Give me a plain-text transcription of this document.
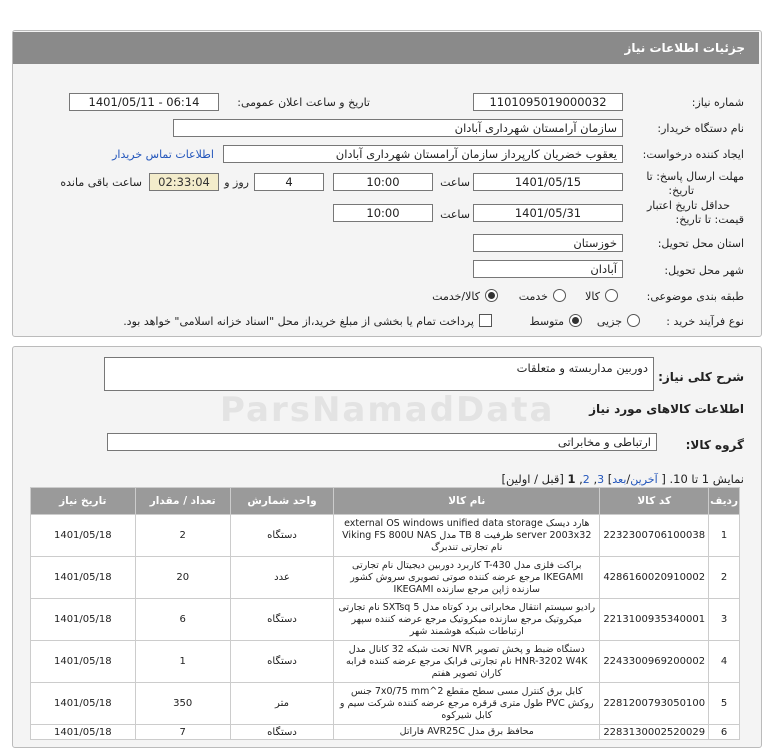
جزئیات اطلاعات نیاز
شماره نیاز:
1101095019000032
تاریخ و ساعت اعلان عمومی:
1401/05/11 - 06:14
نام دستگاه خریدار:
سازمان آرامستان شهرداری آبادان
ایجاد کننده درخواست:
یعقوب خضریان کارپرداز سازمان آرامستان شهرداری آبادان
اطلاعات تماس خریدار
مهلت ارسال پاسخ: تا
تاریخ:
1401/05/15
ساعت
10:00
4
روز و
02:33:04
ساعت باقی مانده
حداقل تاریخ اعتبار
قیمت: تا تاریخ:
1401/05/31
ساعت
10:00
استان محل تحویل:
خوزستان
شهر محل تحویل:
آبادان
طبقه بندی موضوعی:
کالا
خدمت
کالا/خدمت
نوع فرآیند خرید :
جزیی
متوسط
پرداخت تمام یا بخشی از مبلغ خرید،از محل "اسناد خزانه اسلامی" خواهد بود.
شرح کلی نیاز:
دوربین مداربسته و متعلقات
اطلاعات کالاهای مورد نیاز
گروه کالا:
ارتباطی و مخابراتی
نمایش 1 تا 10. [ آخرین/بعد] 3, 2, 1 [قبل / اولین]
ردیف	کد کالا	نام کالا	واحد شمارش	تعداد / مقدار	تاریخ نیاز
1	2232300706100038	هارد دیسک external OS windows unified data storage server 2003x32 ظرفیت 8 TB مدل Viking FS 800U NAS نام تجارتی تندبرگ	دستگاه	2	1401/05/18
2	4286160020910002	براکت فلزی مدل T-430 کاربرد دوربین دیجیتال نام تجارتی IKEGAMI مرجع عرضه کننده صوتی تصویری سروش کشور سازنده ژاپن مرجع سازنده IKEGAMI	عدد	20	1401/05/18
3	2213100935340001	رادیو سیستم انتقال مخابراتی برد کوتاه مدل SXTsq 5 نام تجارتی میکروتیک مرجع سازنده میکروتیک مرجع عرضه کننده سپهر ارتباطات شبکه هوشمند شهر	دستگاه	6	1401/05/18
4	2243300969200002	دستگاه ضبط و پخش تصویر NVR تحت شبکه 32 کانال مدل HNR-3202 W4K نام تجارتی فرابک مرجع عرضه کننده فرابه کاران تصویر هفتم	دستگاه	1	1401/05/18
5	2281200793050100	کابل برق کنترل مسی سطح مقطع 2^7x0/75 mm جنس روکش PVC طول متری قرقره مرجع عرضه کننده شرکت سیم و کابل شیرکوه	متر	350	1401/05/18
6	2283130002520029	محافظ برق مدل AVR25C فاراتل	دستگاه	7	1401/05/18
